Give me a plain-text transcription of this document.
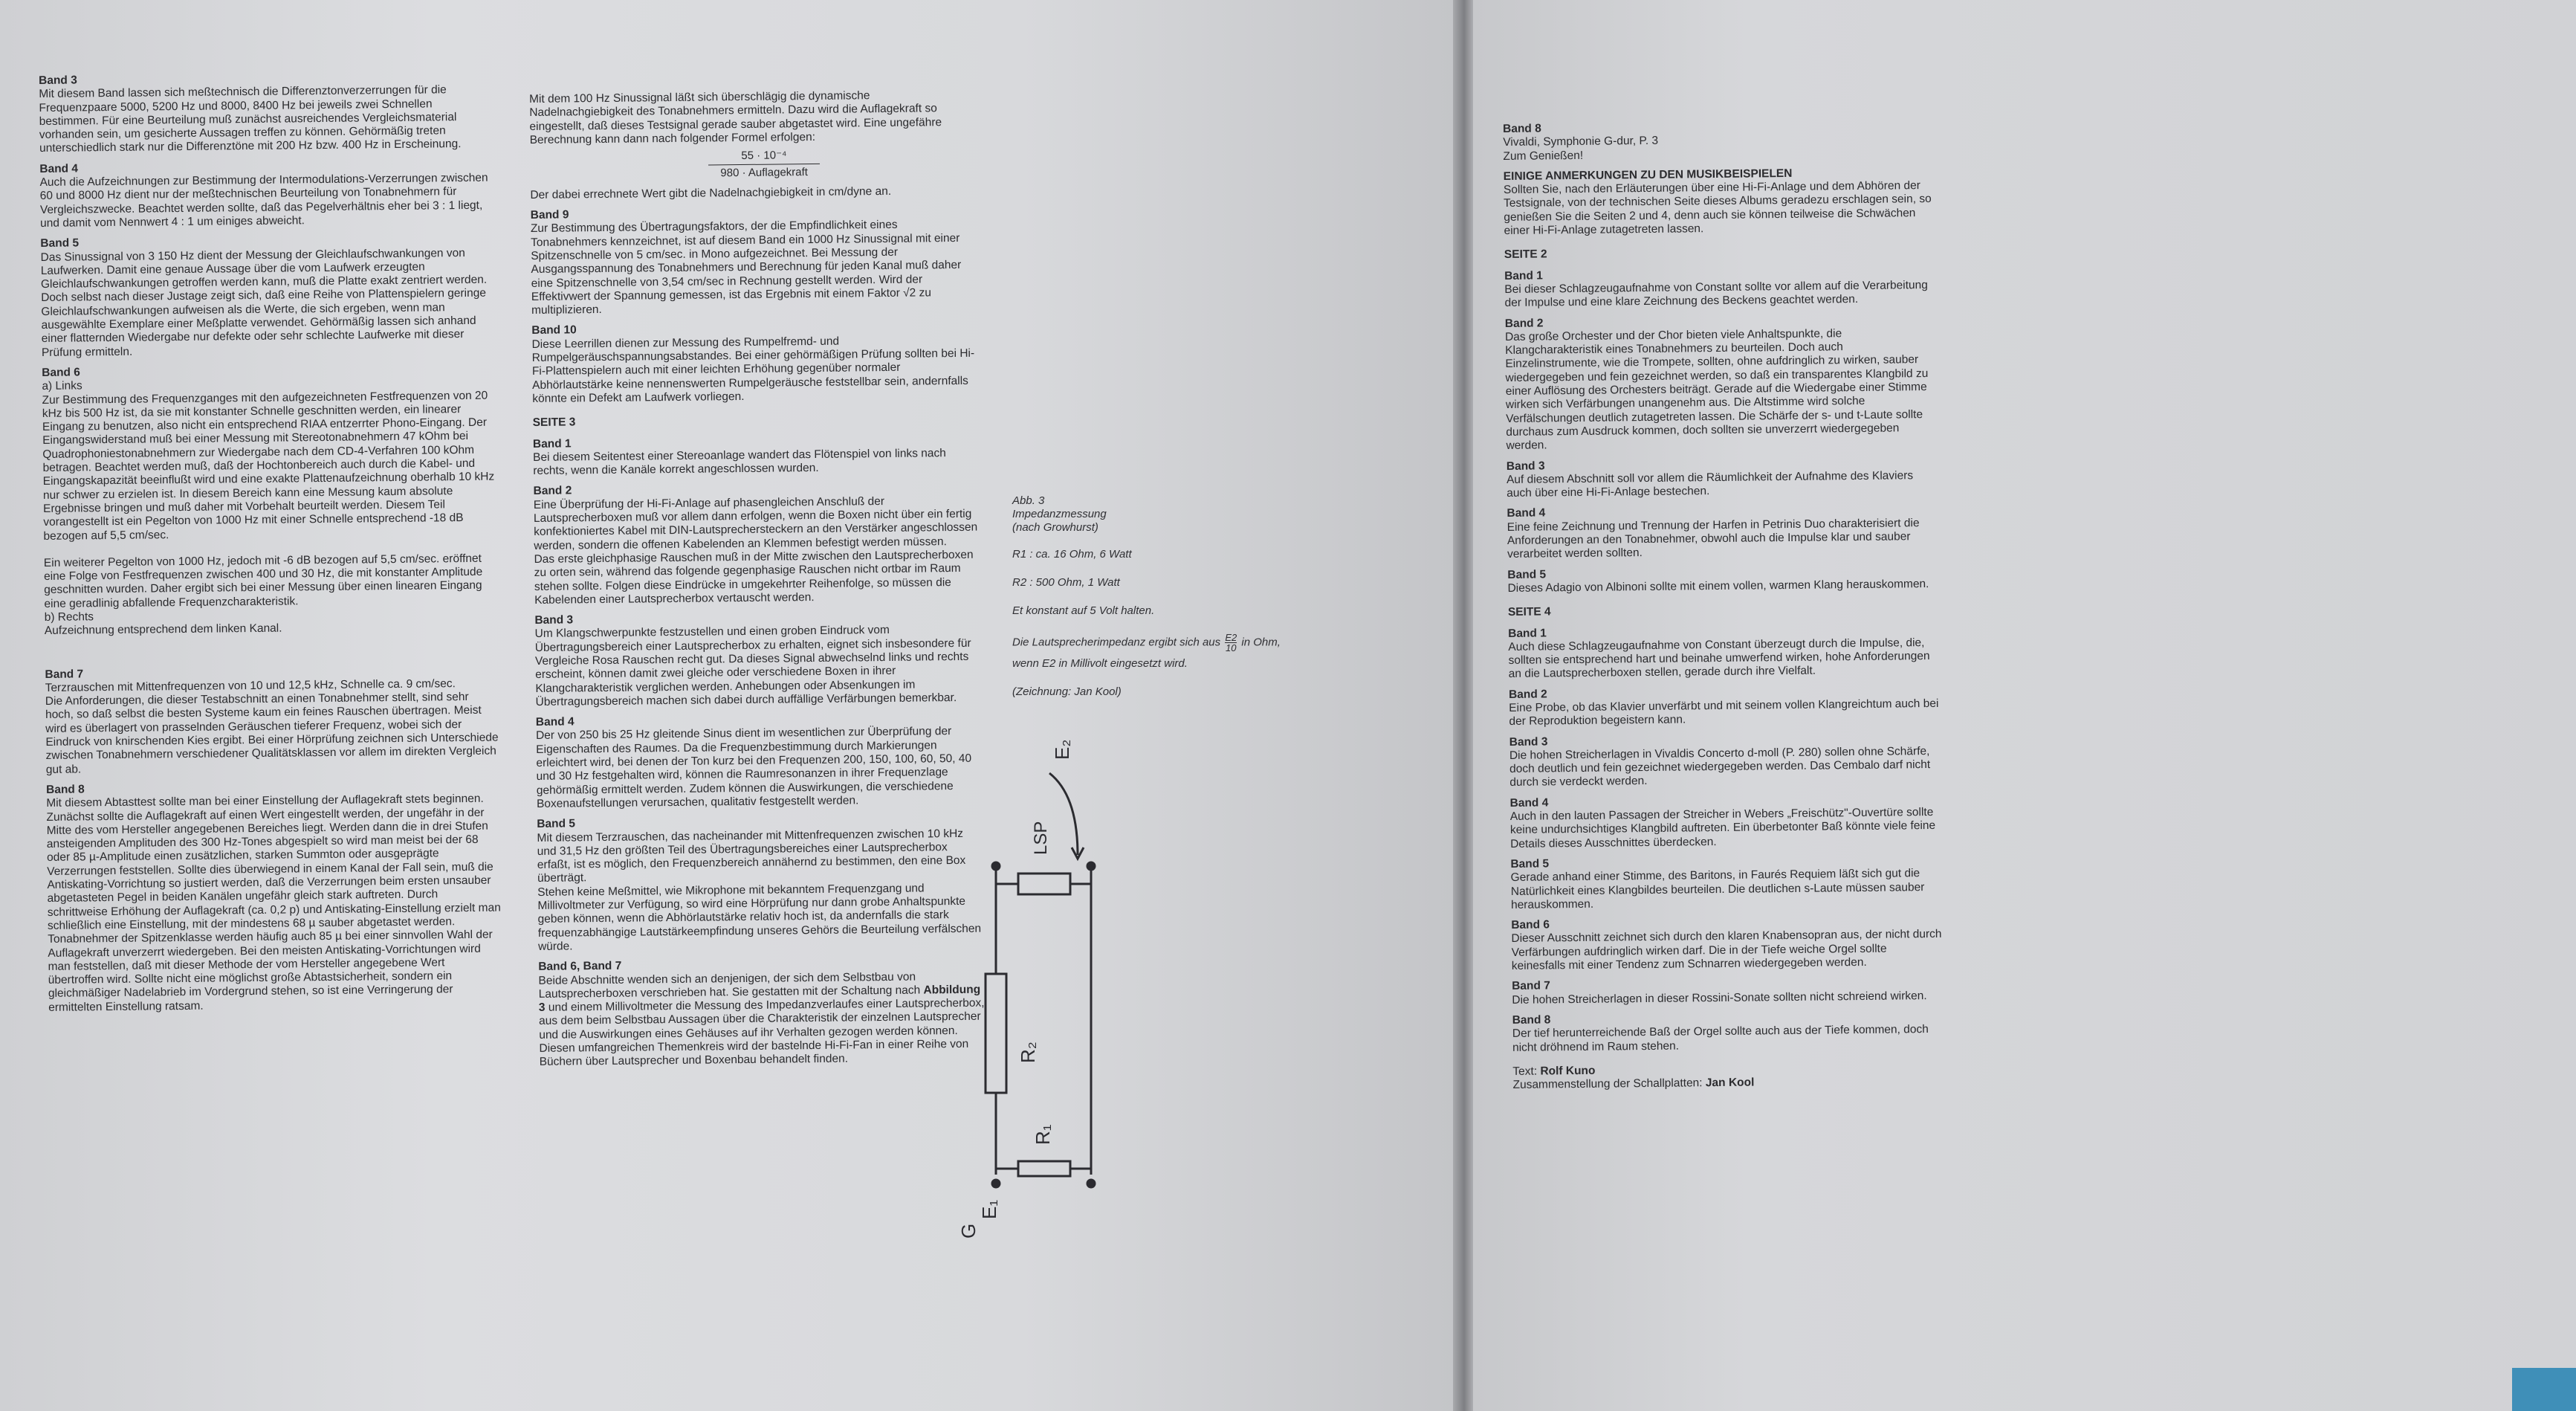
Band 3
Mit diesem Band lassen sich meßtechnisch die Differenztonverzerrungen für die Frequenzpaare 5000, 5200 Hz und 8000, 8400 Hz bei jeweils zwei Schnellen bestimmen. Für eine Beurteilung muß zunächst ausreichendes Vergleichsmaterial vorhanden sein, um gesicherte Aussagen treffen zu können. Gehörmäßig treten unterschiedlich stark nur die Differenztöne mit 200 Hz bzw. 400 Hz in Erscheinung.

Band 4
Auch die Aufzeichnungen zur Bestimmung der Intermodulations-Verzerrungen zwischen 60 und 8000 Hz dient nur der meßtechnischen Beurteilung von Tonabnehmern für Vergleichszwecke. Beachtet werden sollte, daß das Pegelverhältnis eher bei 3 : 1 liegt, und damit vom Nennwert 4 : 1 um einiges abweicht.

Band 5
Das Sinussignal von 3 150 Hz dient der Messung der Gleichlaufschwankungen von Laufwerken. Damit eine genaue Aussage über die vom Laufwerk erzeugten Gleichlaufschwankungen getroffen werden kann, muß die Platte exakt zentriert werden. Doch selbst nach dieser Justage zeigt sich, daß eine Reihe von Plattenspielern geringe Gleichlaufschwankungen aufweisen als die Werte, die sich ergeben, wenn man ausgewählte Exemplare einer Meßplatte verwendet. Gehörmäßig lassen sich anhand einer flatternden Wiedergabe nur defekte oder sehr schlechte Laufwerke mit dieser Prüfung ermitteln.

Band 6
a) Links
Zur Bestimmung des Frequenzganges mit den aufgezeichneten Festfrequenzen von 20 kHz bis 500 Hz ist, da sie mit konstanter Schnelle geschnitten werden, ein linearer Eingang zu benutzen, also nicht ein entsprechend RIAA entzerrter Phono-Eingang. Der Eingangswiderstand muß bei einer Messung mit Stereotonabnehmern 47 kOhm bei Quadrophoniestonabnehmern zur Wiedergabe nach dem CD-4-Verfahren 100 kOhm betragen. Beachtet werden muß, daß der Hochtonbereich auch durch die Kabel- und Eingangskapazität beeinflußt wird und eine exakte Plattenaufzeichnung oberhalb 10 kHz nur schwer zu erzielen ist. In diesem Bereich kann eine Messung kaum absolute Ergebnisse bringen und muß daher mit Vorbehalt beurteilt werden. Diesem Teil vorangestellt ist ein Pegelton von 1000 Hz mit einer Schnelle entsprechend -18 dB bezogen auf 5,5 cm/sec.

Ein weiterer Pegelton von 1000 Hz, jedoch mit -6 dB bezogen auf 5,5 cm/sec. eröffnet eine Folge von Festfrequenzen zwischen 400 und 30 Hz, die mit konstanter Amplitude geschnitten wurden. Daher ergibt sich bei einer Messung über einen linearen Eingang eine geradlinig abfallende Frequenzcharakteristik.
b) Rechts
Aufzeichnung entsprechend dem linken Kanal.

Band 7
Terzrauschen mit Mittenfrequenzen von 10 und 12,5 kHz, Schnelle ca. 9 cm/sec.
Die Anforderungen, die dieser Testabschnitt an einen Tonabnehmer stellt, sind sehr hoch, so daß selbst die besten Systeme kaum ein feines Rauschen übertragen. Meist wird es überlagert von prasselnden Geräuschen tieferer Frequenz, wobei sich der Eindruck von knirschenden Kies ergibt. Bei einer Hörprüfung zeichnen sich Unterschiede zwischen Tonabnehmern verschiedener Qualitätsklassen vor allem im direkten Vergleich gut ab.

Band 8
Mit diesem Abtasttest sollte man bei einer Einstellung der Auflagekraft stets beginnen. Zunächst sollte die Auflagekraft auf einen Wert eingestellt werden, der ungefähr in der Mitte des vom Hersteller angegebenen Bereiches liegt. Werden dann die in drei Stufen ansteigenden Amplituden des 300 Hz-Tones abgespielt so wird man meist bei der 68 oder 85 µ-Amplitude einen zusätzlichen, starken Summton oder ausgeprägte Verzerrungen feststellen. Sollte dies überwiegend in einem Kanal der Fall sein, muß die Antiskating-Vorrichtung so justiert werden, daß die Verzerrungen beim ersten unsauber abgetasteten Pegel in beiden Kanälen ungefähr gleich stark auftreten. Durch schrittweise Erhöhung der Auflagekraft (ca. 0,2 p) und Antiskating-Einstellung erzielt man schließlich eine Einstellung, mit der mindestens 68 µ sauber abgetastet werden. Tonabnehmer der Spitzenklasse werden häufig auch 85 µ bei einer sinnvollen Wahl der Auflagekraft unverzerrt wiedergeben. Bei den meisten Antiskating-Vorrichtungen wird man feststellen, daß mit dieser Methode der vom Hersteller angegebene Wert übertroffen wird. Sollte nicht eine möglichst große Abtastsicherheit, sondern ein gleichmäßiger Nadelabrieb im Vordergrund stehen, so ist eine Verringerung der ermittelten Einstellung ratsam.

Mit dem 100 Hz Sinussignal läßt sich überschlägig die dynamische Nadelnachgiebigkeit des Tonabnehmers ermitteln. Dazu wird die Auflagekraft so eingestellt, daß dieses Testsignal gerade sauber abgetastet wird. Eine ungefähre Berechnung kann dann nach folgender Formel erfolgen:

55 · 10⁻⁴
980 · Auflagekraft

Der dabei errechnete Wert gibt die Nadelnachgiebigkeit in cm/dyne an.

Band 9
Zur Bestimmung des Übertragungsfaktors, der die Empfindlichkeit eines Tonabnehmers kennzeichnet, ist auf diesem Band ein 1000 Hz Sinussignal mit einer Spitzenschnelle von 5 cm/sec. in Mono aufgezeichnet. Bei Messung der Ausgangsspannung des Tonabnehmers und Berechnung für jeden Kanal muß daher eine Spitzenschnelle von 3,54 cm/sec in Rechnung gestellt werden. Wird der Effektivwert der Spannung gemessen, ist das Ergebnis mit einem Faktor √2 zu multiplizieren.

Band 10
Diese Leerrillen dienen zur Messung des Rumpelfremd- und Rumpelgeräuschspannungsabstandes. Bei einer gehörmäßigen Prüfung sollten bei Hi-Fi-Plattenspielern auch mit einer leichten Erhöhung gegenüber normaler Abhörlautstärke keine nennenswerten Rumpelgeräusche feststellbar sein, andernfalls könnte ein Defekt am Laufwerk vorliegen.

SEITE 3

Band 1
Bei diesem Seitentest einer Stereoanlage wandert das Flötenspiel von links nach rechts, wenn die Kanäle korrekt angeschlossen wurden.

Band 2
Eine Überprüfung der Hi-Fi-Anlage auf phasengleichen Anschluß der Lautsprecherboxen muß vor allem dann erfolgen, wenn die Boxen nicht über ein fertig konfektioniertes Kabel mit DIN-Lautsprechersteckern an den Verstärker angeschlossen werden, sondern die offenen Kabelenden an Klemmen befestigt werden müssen.
Das erste gleichphasige Rauschen muß in der Mitte zwischen den Lautsprecherboxen zu orten sein, während das folgende gegenphasige Rauschen nicht ortbar im Raum stehen sollte. Folgen diese Eindrücke in umgekehrter Reihenfolge, so müssen die Kabelenden einer Lautsprecherbox vertauscht werden.

Band 3
Um Klangschwerpunkte festzustellen und einen groben Eindruck vom Übertragungsbereich einer Lautsprecherbox zu erhalten, eignet sich insbesondere für Vergleiche Rosa Rauschen recht gut. Da dieses Signal abwechselnd links und rechts erscheint, können damit zwei gleiche oder verschiedene Boxen in ihrer Klangcharakteristik verglichen werden. Anhebungen oder Absenkungen im Übertragungsbereich machen sich dabei durch auffällige Verfärbungen bemerkbar.

Band 4
Der von 250 bis 25 Hz gleitende Sinus dient im wesentlichen zur Überprüfung der Eigenschaften des Raumes. Da die Frequenzbestimmung durch Markierungen erleichtert wird, bei denen der Ton kurz bei den Frequenzen 200, 150, 100, 60, 50, 40 und 30 Hz festgehalten wird, können die Raumresonanzen in ihrer Frequenzlage gehörmäßig ermittelt werden. Zudem können die Auswirkungen, die verschiedene Boxenaufstellungen verursachen, qualitativ festgestellt werden.

Band 5
Mit diesem Terzrauschen, das nacheinander mit Mittenfrequenzen zwischen 10 kHz und 31,5 Hz den größten Teil des Übertragungsbereiches einer Lautsprecherbox erfaßt, ist es möglich, den Frequenzbereich annähernd zu bestimmen, den eine Box überträgt.
Stehen keine Meßmittel, wie Mikrophone mit bekanntem Frequenzgang und Millivoltmeter zur Verfügung, so wird eine Hörprüfung nur dann grobe Anhaltspunkte geben können, wenn die Abhörlautstärke relativ hoch ist, da andernfalls die stark frequenzabhängige Lautstärkeempfindung unseres Gehörs die Beurteilung verfälschen würde.

Band 6, Band 7
Beide Abschnitte wenden sich an denjenigen, der sich dem Selbstbau von Lautsprecherboxen verschrieben hat. Sie gestatten mit der Schaltung nach Abbildung 3 und einem Millivoltmeter die Messung des Impedanzverlaufes einer Lautsprecherbox, aus dem beim Selbstbau Aussagen über die Charakteristik der einzelnen Lautsprecher und die Auswirkungen eines Gehäuses auf ihr Verhalten gezogen werden können. Diesen umfangreichen Themenkreis wird der bastelnde Hi-Fi-Fan in einer Reihe von Büchern über Lautsprecher und Boxenbau behandelt finden.

Abb. 3
Impedanzmessung
(nach Growhurst)

R1 : ca. 16 Ohm, 6 Watt

R2 : 500 Ohm, 1 Watt

Et konstant auf 5 Volt halten.

Die Lautsprecherimpedanz ergibt sich aus $\frac{E2}{10}$ in Ohm,

wenn E2 in Millivolt eingesetzt wird.

(Zeichnung: Jan Kool)

E₂
LSP
R₂
R₁
E₁
G

Band 8
Vivaldi, Symphonie G-dur, P. 3
Zum Genießen!

EINIGE ANMERKUNGEN ZU DEN MUSIKBEISPIELEN
Sollten Sie, nach den Erläuterungen über eine Hi-Fi-Anlage und dem Abhören der Testsignale, von der technischen Seite dieses Albums geradezu erschlagen sein, so genießen Sie die Seiten 2 und 4, denn auch sie können teilweise die Schwächen einer Hi-Fi-Anlage zutagetreten lassen.

SEITE 2

Band 1
Bei dieser Schlagzeugaufnahme von Constant sollte vor allem auf die Verarbeitung der Impulse und eine klare Zeichnung des Beckens geachtet werden.

Band 2
Das große Orchester und der Chor bieten viele Anhaltspunkte, die Klangcharakteristik eines Tonabnehmers zu beurteilen. Doch auch Einzelinstrumente, wie die Trompete, sollten, ohne aufdringlich zu wirken, sauber wiedergegeben und fein gezeichnet werden, so daß ein transparentes Klangbild zu einer Auflösung des Orchesters beiträgt. Gerade auf die Wiedergabe einer Stimme wirken sich Verfärbungen unangenehm aus. Die Altstimme wird solche Verfälschungen deutlich zutagetreten lassen. Die Schärfe der s- und t-Laute sollte durchaus zum Ausdruck kommen, doch sollten sie unverzerrt wiedergegeben werden.

Band 3
Auf diesem Abschnitt soll vor allem die Räumlichkeit der Aufnahme des Klaviers auch über eine Hi-Fi-Anlage bestechen.

Band 4
Eine feine Zeichnung und Trennung der Harfen in Petrinis Duo charakterisiert die Anforderungen an den Tonabnehmer, obwohl auch die Impulse klar und sauber verarbeitet werden sollten.

Band 5
Dieses Adagio von Albinoni sollte mit einem vollen, warmen Klang herauskommen.

SEITE 4

Band 1
Auch diese Schlagzeugaufnahme von Constant überzeugt durch die Impulse, die, sollten sie entsprechend hart und beinahe umwerfend wirken, hohe Anforderungen an die Lautsprecherboxen stellen, gerade durch ihre Vielfalt.

Band 2
Eine Probe, ob das Klavier unverfärbt und mit seinem vollen Klangreichtum auch bei der Reproduktion begeistern kann.

Band 3
Die hohen Streicherlagen in Vivaldis Concerto d-moll (P. 280) sollen ohne Schärfe, doch deutlich und fein gezeichnet wiedergegeben werden. Das Cembalo darf nicht durch sie verdeckt werden.

Band 4
Auch in den lauten Passagen der Streicher in Webers „Freischütz"-Ouvertüre sollte keine undurchsichtiges Klangbild auftreten. Ein überbetonter Baß könnte viele feine Details dieses Ausschnittes überdecken.

Band 5
Gerade anhand einer Stimme, des Baritons, in Faurés Requiem läßt sich gut die Natürlichkeit eines Klangbildes beurteilen. Die deutlichen s-Laute müssen sauber herauskommen.

Band 6
Dieser Ausschnitt zeichnet sich durch den klaren Knabensopran aus, der nicht durch Verfärbungen aufdringlich wirken darf. Die in der Tiefe weiche Orgel sollte keinesfalls mit einer Tendenz zum Schnarren wiedergegeben werden.

Band 7
Die hohen Streicherlagen in dieser Rossini-Sonate sollten nicht schreiend wirken.

Band 8
Der tief herunterreichende Baß der Orgel sollte auch aus der Tiefe kommen, doch nicht dröhnend im Raum stehen.

Text: Rolf Kuno
Zusammenstellung der Schallplatten: Jan Kool
